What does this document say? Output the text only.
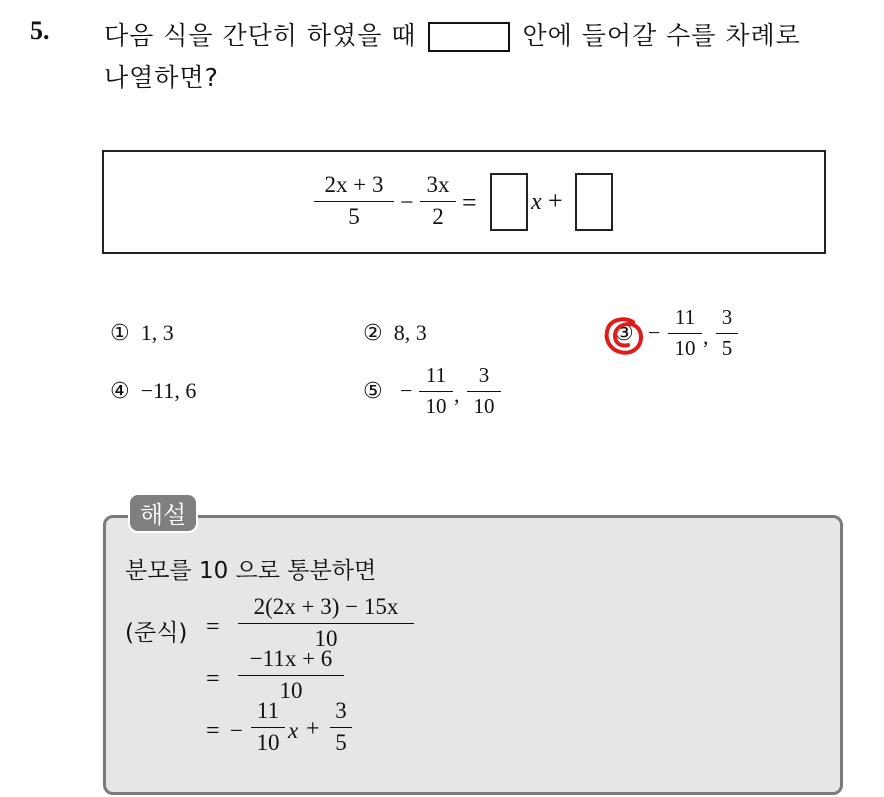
5. 다음 식을 간단히 하였을 때	안에 들어갈 수를 차례로
나열하면?
2x + 3
5
−
3x
2 = x +
① 1, 3	② 8, 3	③ −
11
10 ,
3
5
④ −11, 6	⑤ −
11
10 ,
3
10
해설
분모를 10 으로 통분하면
(준식) =
2(2x + 3) − 15x
10
=
−11x + 6
10
= −
11
10 x +
3
5
